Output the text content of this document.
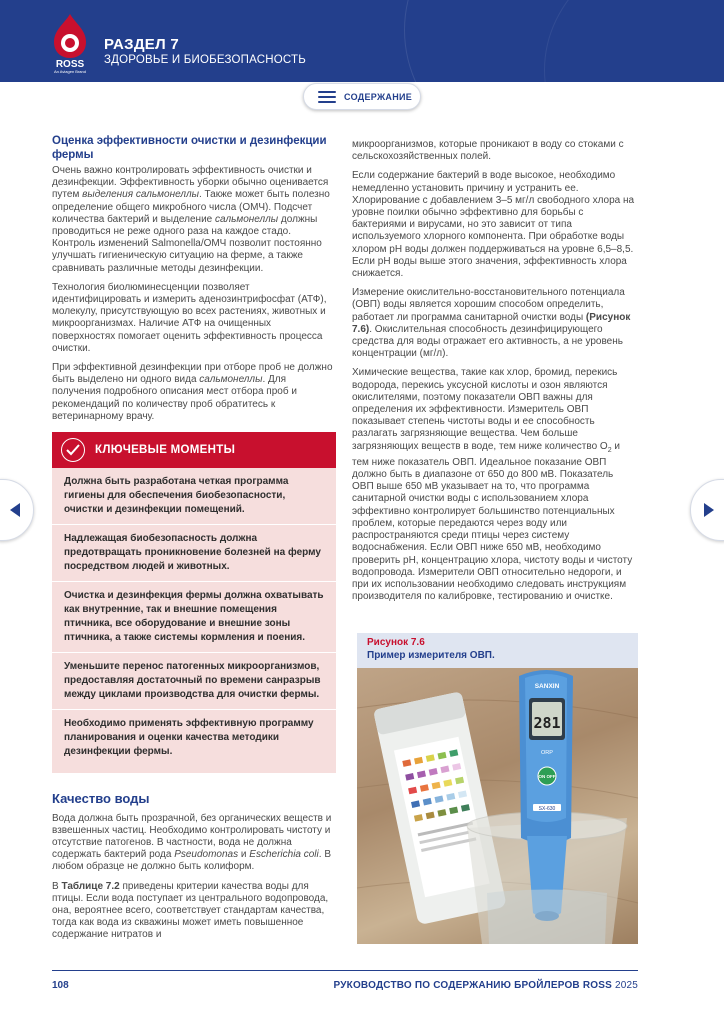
ROSS
An Aviagen Brand
РАЗДЕЛ 7
ЗДОРОВЬЕ И БИОБЕЗОПАСНОСТЬ
СОДЕРЖАНИЕ
Оценка эффективности очистки и дезинфекции фермы

Очень важно контролировать эффективность очистки и дезинфекции. Эффективность уборки обычно оценивается путем выделения сальмонеллы. Также может быть полезно определение общего микробного числа (ОМЧ). Подсчет количества бактерий и выделение сальмонеллы должны проводиться не реже одного раза на каждое стадо. Контроль изменений Salmonella/ОМЧ позволит постоянно улучшать гигиеническую ситуацию на ферме, а также сравнивать различные методы дезинфекции.

Технология биолюминесценции позволяет идентифицировать и измерить аденозинтрифосфат (АТФ), молекулу, присутствующую во всех растениях, животных и микроорганизмах. Наличие АТФ на очищенных поверхностях помогает оценить эффективность процесса очистки.

При эффективной дезинфекции при отборе проб не должно быть выделено ни одного вида сальмонеллы. Для получения подробного описания мест отбора проб и рекомендаций по количеству проб обратитесь к ветеринарному врачу.

КЛЮЧЕВЫЕ МОМЕНТЫ
Должна быть разработана четкая программа гигиены для обеспечения биобезопасности, очистки и дезинфекции помещений.
Надлежащая биобезопасность должна предотвращать проникновение болезней на ферму посредством людей и животных.
Очистка и дезинфекция фермы должна охватывать как внутренние, так и внешние помещения птичника, все оборудование и внешние зоны птичника, а также системы кормления и поения.
Уменьшите перенос патогенных микроорганизмов, предоставляя достаточный по времени санразрыв между циклами производства для очистки фермы.
Необходимо применять эффективную программу планирования и оценки качества методики дезинфекции фермы.
Качество воды

Вода должна быть прозрачной, без органических веществ и взвешенных частиц. Необходимо контролировать чистоту и отсутствие патогенов. В частности, вода не должна содержать бактерий рода Pseudomonas и Escherichia coli. В любом образце не должно быть колиформ.

В Таблице 7.2 приведены критерии качества воды для птицы. Если вода поступает из центрального водопровода, она, вероятнее всего, соответствует стандартам качества, тогда как вода из скважины может иметь повышенное содержание нитратов и

микроорганизмов, которые проникают в воду со стоками с сельскохозяйственных полей.

Если содержание бактерий в воде высокое, необходимо немедленно установить причину и устранить ее. Хлорирование с добавлением 3–5 мг/л свободного хлора на уровне поилки обычно эффективно для борьбы с бактериями и вирусами, но это зависит от типа используемого хлорного компонента. При обработке воды хлором pH воды должен поддерживаться на уровне 6,5–8,5. Если pH воды выше этого значения, эффективность хлора снижается.

Измерение окислительно-восстановительного потенциала (ОВП) воды является хорошим способом определить, работает ли программа санитарной очистки воды (Рисунок 7.6). Окислительная способность дезинфицирующего средства для воды отражает его активность, а не уровень концентрации (мг/л).

Химические вещества, такие как хлор, бромид, перекись водорода, перекись уксусной кислоты и озон являются окислителями, поэтому показатели ОВП важны для определения их эффективности. Измеритель ОВП показывает степень чистоты воды и ее способность разлагать загрязняющие вещества. Чем больше загрязняющих веществ в воде, тем ниже количество $O_2$ и тем ниже показатель ОВП. Идеальное показание ОВП должно быть в диапазоне от 650 до 800 мВ. Показатель ОВП выше 650 мВ указывает на то, что программа санитарной очистки воды с использованием хлора эффективно контролирует большинство потенциальных проблем, которые передаются через воду или распространяются среди птицы через систему водоснабжения. Если ОВП ниже 650 мВ, необходимо проверить pH, концентрацию хлора, чистоту воды и чистоту водопровода. Измерители ОВП относительно недороги, и при их использовании необходимо следовать инструкциям производителя по калибровке, тестированию и очистке.

Рисунок 7.6
Пример измерителя ОВП.
281
SANXIN
ORP
ON OFF
SX-630
108	РУКОВОДСТВО ПО СОДЕРЖАНИЮ БРОЙЛЕРОВ ROSS 2025
